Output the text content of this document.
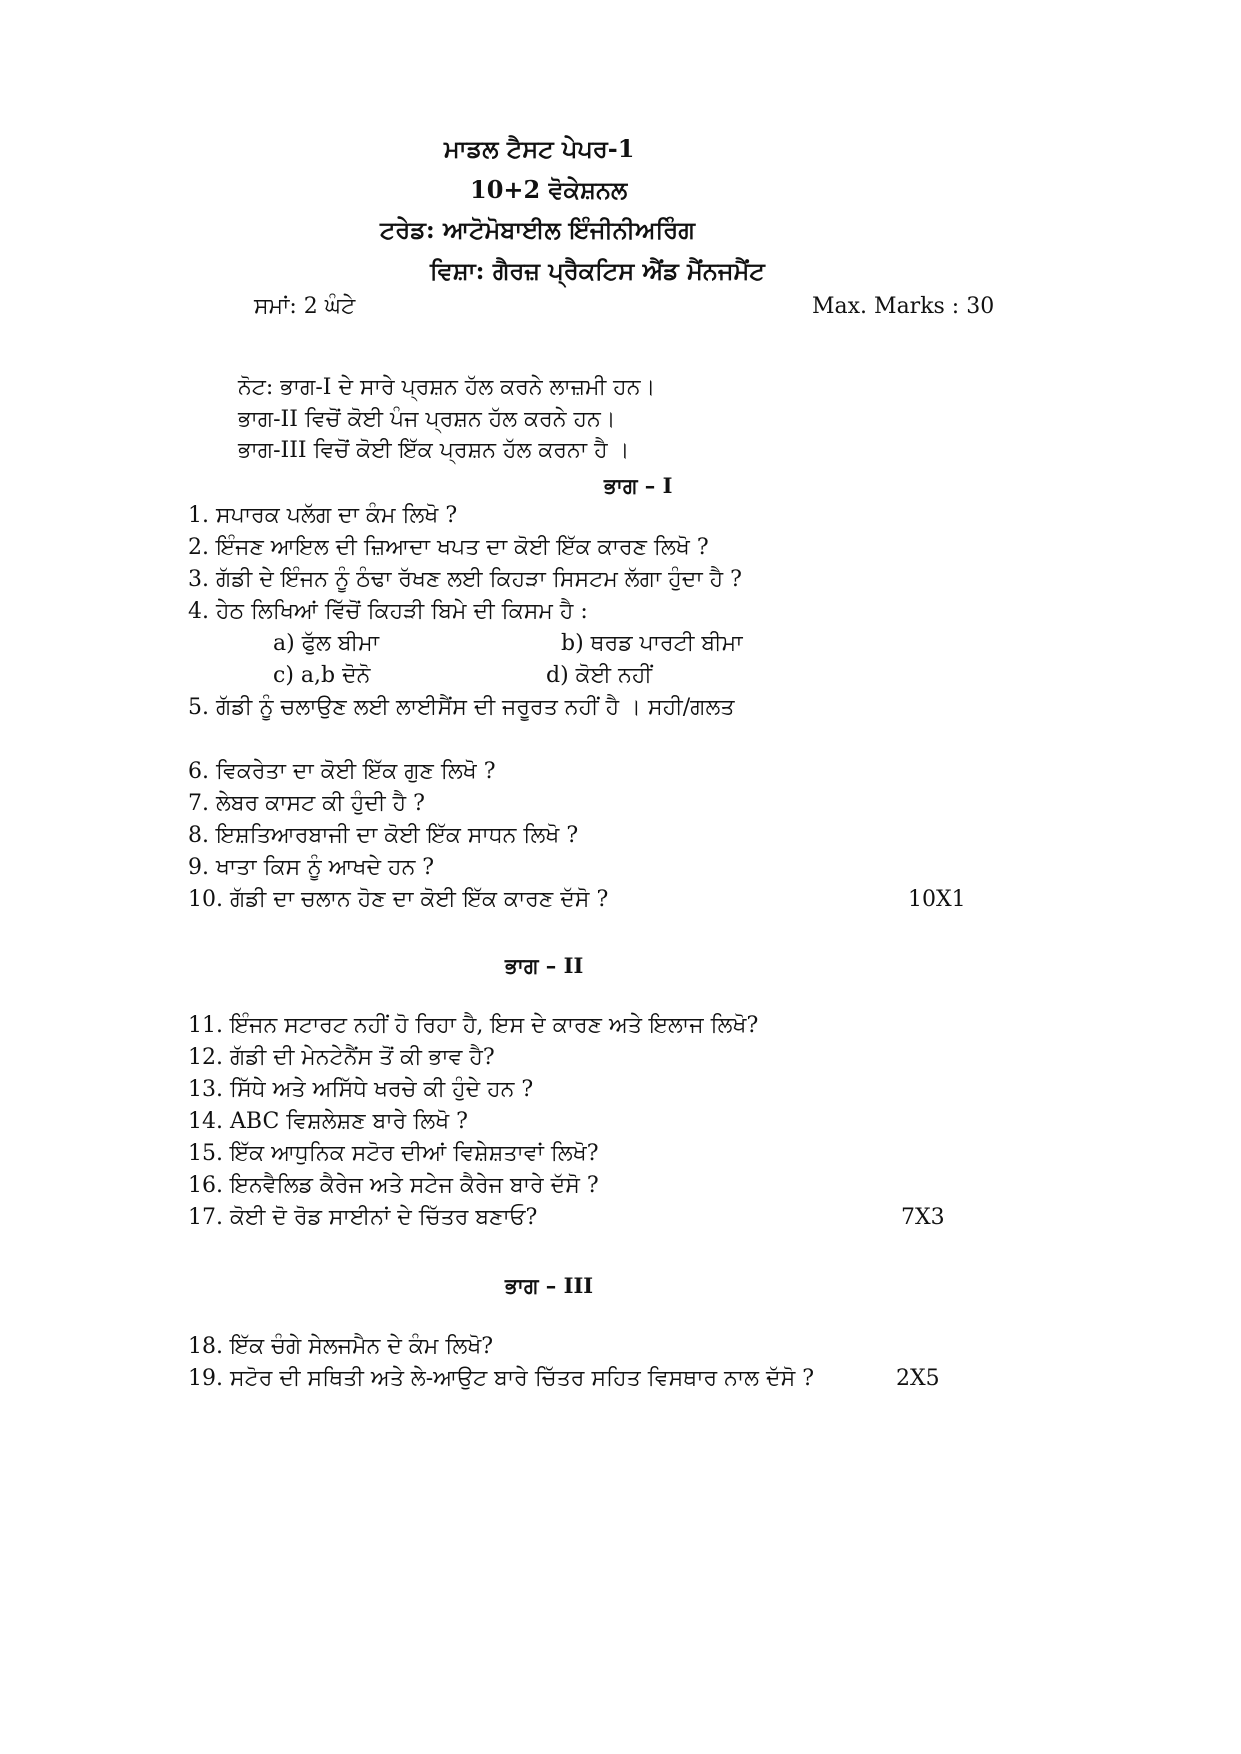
ਮਾਡਲ ਟੈਸਟ ਪੇਪਰ-1
10+2 ਵੋਕੇਸ਼ਨਲ
ਟਰੇਡ: ਆਟੋਮੋਬਾਈਲ ਇੰਜੀਨੀਅਰਿੰਗ
ਵਿਸ਼ਾ: ਗੈਰਜ਼ ਪ੍ਰੈਕਟਿਸ ਐਂਡ ਮੈਂਨਜਮੈਂਟ
ਸਮਾਂ: 2 ਘੰਟੇ	Max. Marks : 30
ਨੋਟ: ਭਾਗ-I ਦੇ ਸਾਰੇ ਪ੍ਰਸ਼ਨ ਹੱਲ ਕਰਨੇ ਲਾਜ਼ਮੀ ਹਨ।
ਭਾਗ-II ਵਿਚੋਂ ਕੋਈ ਪੰਜ ਪ੍ਰਸ਼ਨ ਹੱਲ ਕਰਨੇ ਹਨ।
ਭਾਗ-III ਵਿਚੋਂ ਕੋਈ ਇੱਕ ਪ੍ਰਸ਼ਨ ਹੱਲ ਕਰਨਾ ਹੈ ।
ਭਾਗ – I
1. ਸਪਾਰਕ ਪਲੱਗ ਦਾ ਕੰਮ ਲਿਖੋ ?
2. ਇੰਜਣ ਆਇਲ ਦੀ ਜ਼ਿਆਦਾ ਖਪਤ ਦਾ ਕੋਈ ਇੱਕ ਕਾਰਣ ਲਿਖੋ ?
3. ਗੱਡੀ ਦੇ ਇੰਜਨ ਨੂੰ ਠੰਢਾ ਰੱਖਣ ਲਈ ਕਿਹੜਾ ਸਿਸਟਮ ਲੱਗਾ ਹੁੰਦਾ ਹੈ ?
4. ਹੇਠ ਲਿਖਿਆਂ ਵਿੱਚੋਂ ਕਿਹੜੀ ਬਿਮੇ ਦੀ ਕਿਸਮ ਹੈ :
a) ਫੁੱਲ ਬੀਮਾ	b) ਥਰਡ ਪਾਰਟੀ ਬੀਮਾ
c) a,b ਦੋਨੋ	d) ਕੋਈ ਨਹੀਂ
5. ਗੱਡੀ ਨੂੰ ਚਲਾਉਣ ਲਈ ਲਾਈਸੈਂਸ ਦੀ ਜਰੂਰਤ ਨਹੀਂ ਹੈ । ਸਹੀ/ਗਲਤ
6. ਵਿਕਰੇਤਾ ਦਾ ਕੋਈ ਇੱਕ ਗੁਣ ਲਿਖੋ ?
7. ਲੇਬਰ ਕਾਸਟ ਕੀ ਹੁੰਦੀ ਹੈ ?
8. ਇਸ਼ਤਿਆਰਬਾਜੀ ਦਾ ਕੋਈ ਇੱਕ ਸਾਧਨ ਲਿਖੋ ?
9. ਖਾਤਾ ਕਿਸ ਨੂੰ ਆਖਦੇ ਹਨ ?
10. ਗੱਡੀ ਦਾ ਚਲਾਨ ਹੋਣ ਦਾ ਕੋਈ ਇੱਕ ਕਾਰਣ ਦੱਸੋ ?	10X1
ਭਾਗ – II
11. ਇੰਜਨ ਸਟਾਰਟ ਨਹੀਂ ਹੋ ਰਿਹਾ ਹੈ, ਇਸ ਦੇ ਕਾਰਣ ਅਤੇ ਇਲਾਜ ਲਿਖੋ?
12. ਗੱਡੀ ਦੀ ਮੇਨਟੇਨੈਂਸ ਤੋਂ ਕੀ ਭਾਵ ਹੈ?
13. ਸਿੱਧੇ ਅਤੇ ਅਸਿੱਧੇ ਖਰਚੇ ਕੀ ਹੁੰਦੇ ਹਨ ?
14. ABC ਵਿਸ਼ਲੇਸ਼ਣ ਬਾਰੇ ਲਿਖੋ ?
15. ਇੱਕ ਆਧੁਨਿਕ ਸਟੋਰ ਦੀਆਂ ਵਿਸ਼ੇਸ਼ਤਾਵਾਂ ਲਿਖੋ?
16. ਇਨਵੈਲਿਡ ਕੈਰੇਜ ਅਤੇ ਸਟੇਜ ਕੈਰੇਜ ਬਾਰੇ ਦੱਸੋ ?
17. ਕੋਈ ਦੋ ਰੋਡ ਸਾਈਨਾਂ ਦੇ ਚਿੱਤਰ ਬਣਾਓ?	7X3
ਭਾਗ – III
18. ਇੱਕ ਚੰਗੇ ਸੇਲਜਮੈਨ ਦੇ ਕੰਮ ਲਿਖੋ?
19. ਸਟੋਰ ਦੀ ਸਥਿਤੀ ਅਤੇ ਲੇ-ਆਉਟ ਬਾਰੇ ਚਿੱਤਰ ਸਹਿਤ ਵਿਸਥਾਰ ਨਾਲ ਦੱਸੋ ?	2X5
